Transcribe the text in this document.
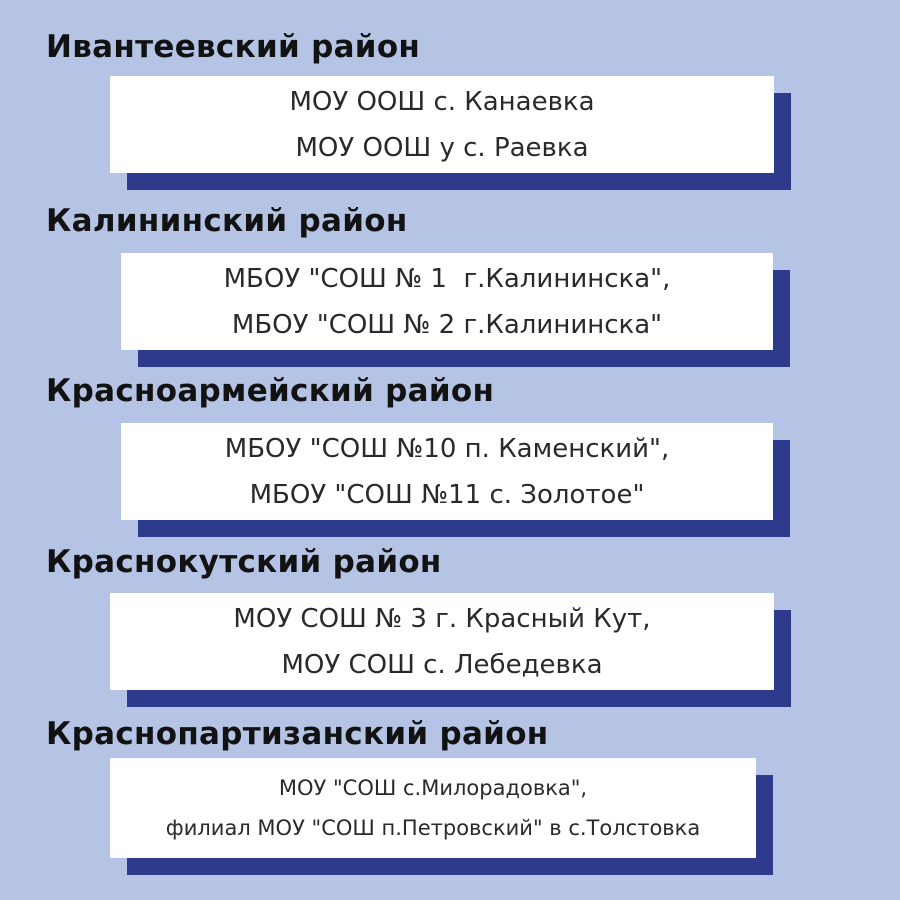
Ивантеевский район
МОУ ООШ с. Канаевка
МОУ ООШ у с. Раевка
Калининский район
МБОУ "СОШ № 1  г.Калининска",
МБОУ "СОШ № 2 г.Калининска"
Красноармейский район
МБОУ "СОШ №10 п. Каменский",
МБОУ "СОШ №11 с. Золотое"
Краснокутский район
МОУ СОШ № 3 г. Красный Кут,
МОУ СОШ с. Лебедевка
Краснопартизанский район
МОУ "СОШ с.Милорадовка",
филиал МОУ "СОШ п.Петровский" в с.Толстовка
